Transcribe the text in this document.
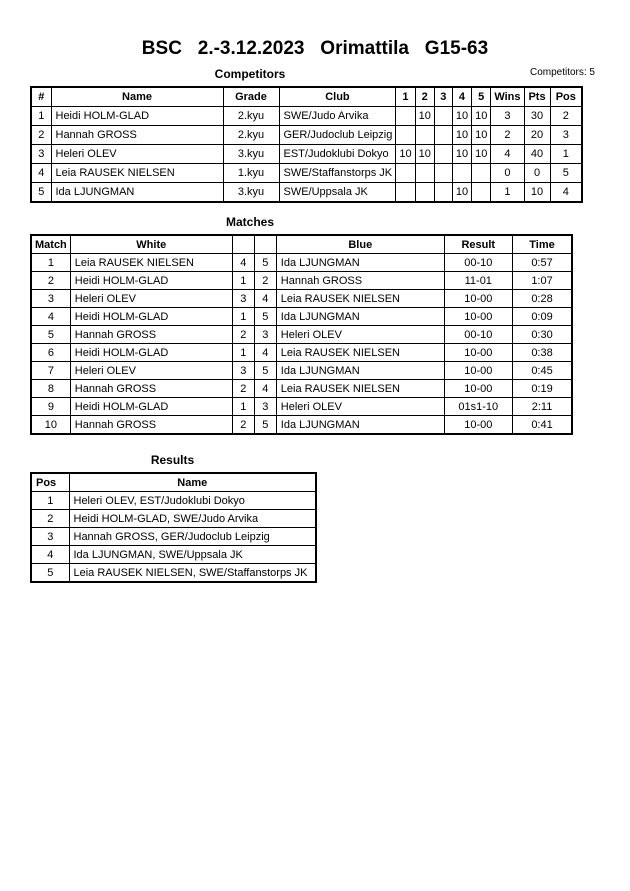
BSC   2.-3.12.2023   Orimattila   G15-63
Competitors: 5
Competitors
#	Name	Grade	Club	1	2	3	4	5	Wins	Pts	Pos
1	Heidi HOLM-GLAD	2.kyu	SWE/Judo Arvika		10		10	10	3	30	2
2	Hannah GROSS	2.kyu	GER/Judoclub Leipzig				10	10	2	20	3
3	Heleri OLEV	3.kyu	EST/Judoklubi Dokyo	10	10		10	10	4	40	1
4	Leia RAUSEK NIELSEN	1.kyu	SWE/Staffanstorps JK						0	0	5
5	Ida LJUNGMAN	3.kyu	SWE/Uppsala JK				10		1	10	4
Matches
Match	White			Blue	Result	Time
1	Leia RAUSEK NIELSEN	4	5	Ida LJUNGMAN	00-10	0:57
2	Heidi HOLM-GLAD	1	2	Hannah GROSS	11-01	1:07
3	Heleri OLEV	3	4	Leia RAUSEK NIELSEN	10-00	0:28
4	Heidi HOLM-GLAD	1	5	Ida LJUNGMAN	10-00	0:09
5	Hannah GROSS	2	3	Heleri OLEV	00-10	0:30
6	Heidi HOLM-GLAD	1	4	Leia RAUSEK NIELSEN	10-00	0:38
7	Heleri OLEV	3	5	Ida LJUNGMAN	10-00	0:45
8	Hannah GROSS	2	4	Leia RAUSEK NIELSEN	10-00	0:19
9	Heidi HOLM-GLAD	1	3	Heleri OLEV	01s1-10	2:11
10	Hannah GROSS	2	5	Ida LJUNGMAN	10-00	0:41
Results
Pos	Name
1	Heleri OLEV, EST/Judoklubi Dokyo
2	Heidi HOLM-GLAD, SWE/Judo Arvika
3	Hannah GROSS, GER/Judoclub Leipzig
4	Ida LJUNGMAN, SWE/Uppsala JK
5	Leia RAUSEK NIELSEN, SWE/Staffanstorps JK
